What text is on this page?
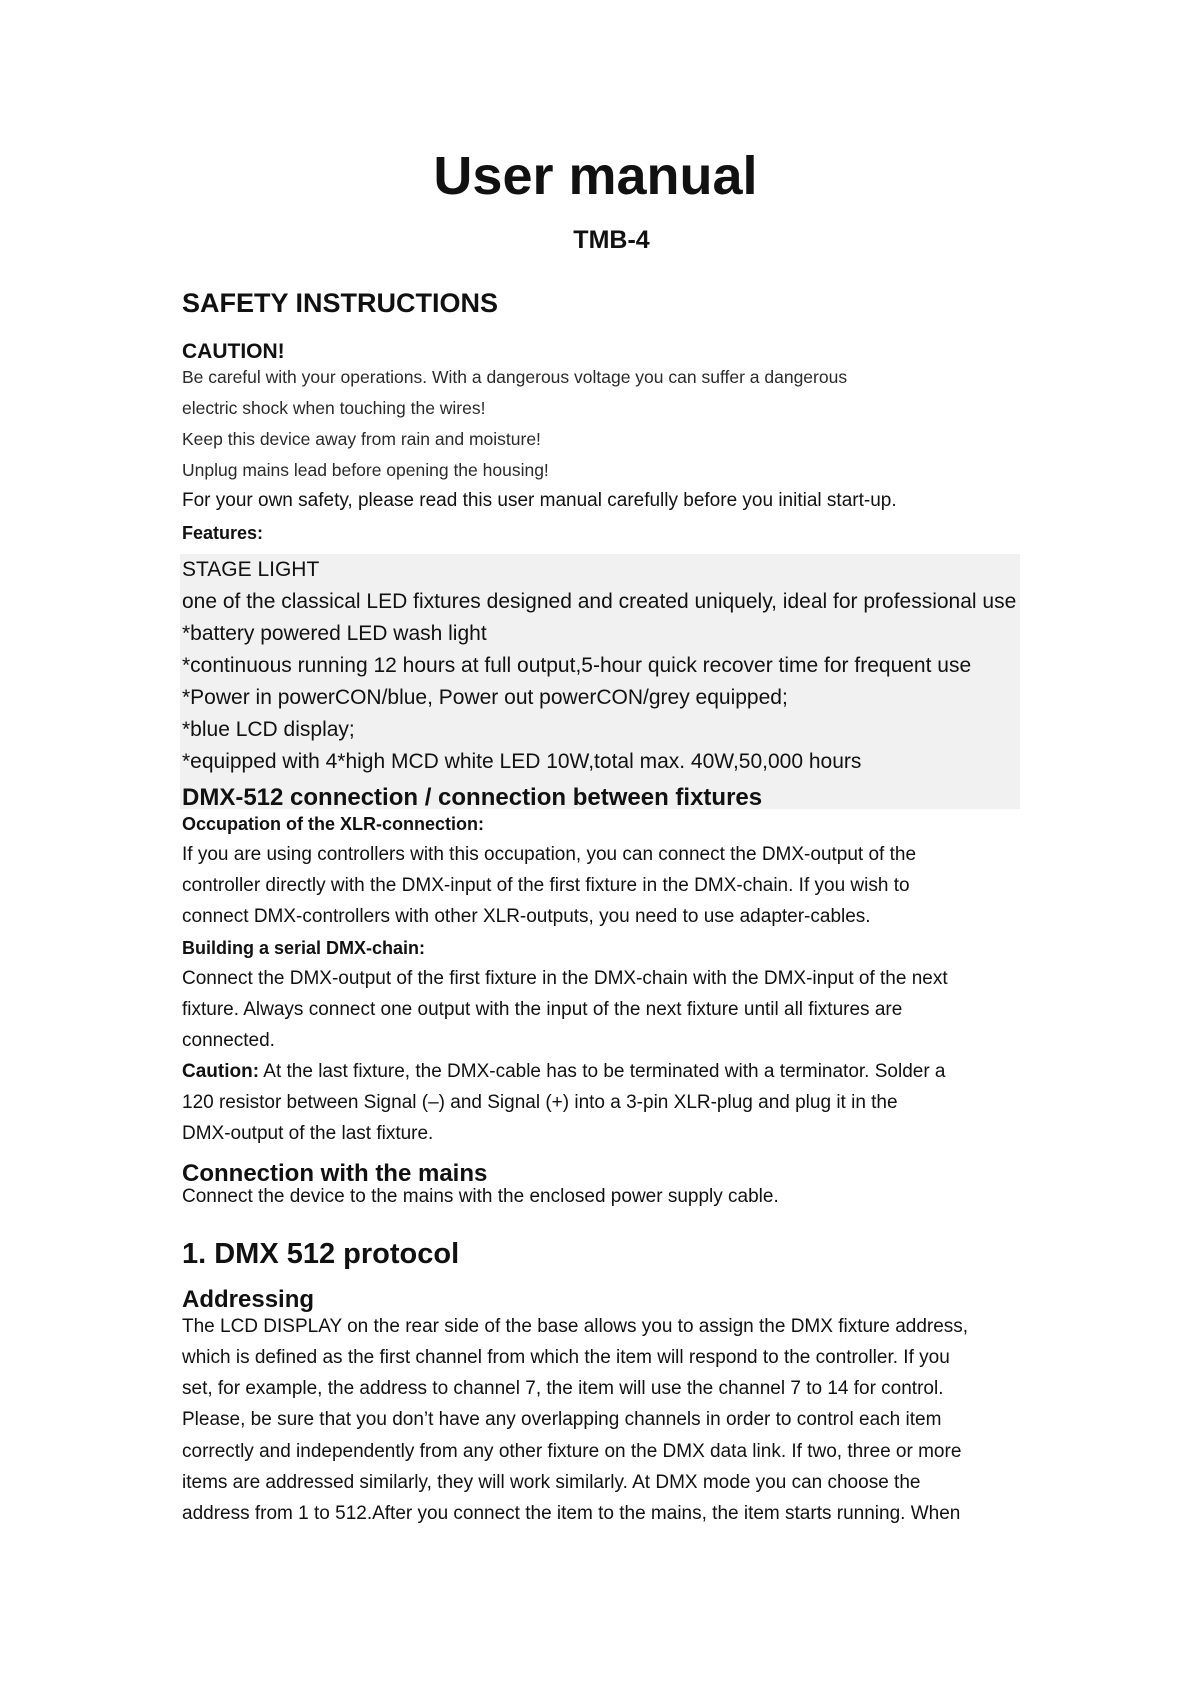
User manual
TMB-4
SAFETY INSTRUCTIONS
CAUTION!
Be careful with your operations. With a dangerous voltage you can suffer a dangerous
electric shock when touching the wires!
Keep this device away from rain and moisture!
Unplug mains lead before opening the housing!
For your own safety, please read this user manual carefully before you initial start-up.
Features:
STAGE LIGHT
one of the classical LED fixtures designed and created uniquely, ideal for professional use
*battery powered LED wash light
*continuous running 12 hours at full output,5-hour quick recover time for frequent use
*Power in powerCON/blue, Power out powerCON/grey equipped;
*blue LCD display;
*equipped with 4*high MCD white LED 10W,total max. 40W,50,000 hours
DMX-512 connection / connection between fixtures
Occupation of the XLR-connection:
If you are using controllers with this occupation, you can connect the DMX-output of the
controller directly with the DMX-input of the first fixture in the DMX-chain. If you wish to
connect DMX-controllers with other XLR-outputs, you need to use adapter-cables.
Building a serial DMX-chain:
Connect the DMX-output of the first fixture in the DMX-chain with the DMX-input of the next
fixture. Always connect one output with the input of the next fixture until all fixtures are
connected.
Caution: At the last fixture, the DMX-cable has to be terminated with a terminator. Solder a
120 resistor between Signal (–) and Signal (+) into a 3-pin XLR-plug and plug it in the
DMX-output of the last fixture.
Connection with the mains
Connect the device to the mains with the enclosed power supply cable.
1. DMX 512 protocol
Addressing
The LCD DISPLAY on the rear side of the base allows you to assign the DMX fixture address,
which is defined as the first channel from which the item will respond to the controller. If you
set, for example, the address to channel 7, the item will use the channel 7 to 14 for control.
Please, be sure that you don’t have any overlapping channels in order to control each item
correctly and independently from any other fixture on the DMX data link. If two, three or more
items are addressed similarly, they will work similarly. At DMX mode you can choose the
address from 1 to 512.After you connect the item to the mains, the item starts running. When
